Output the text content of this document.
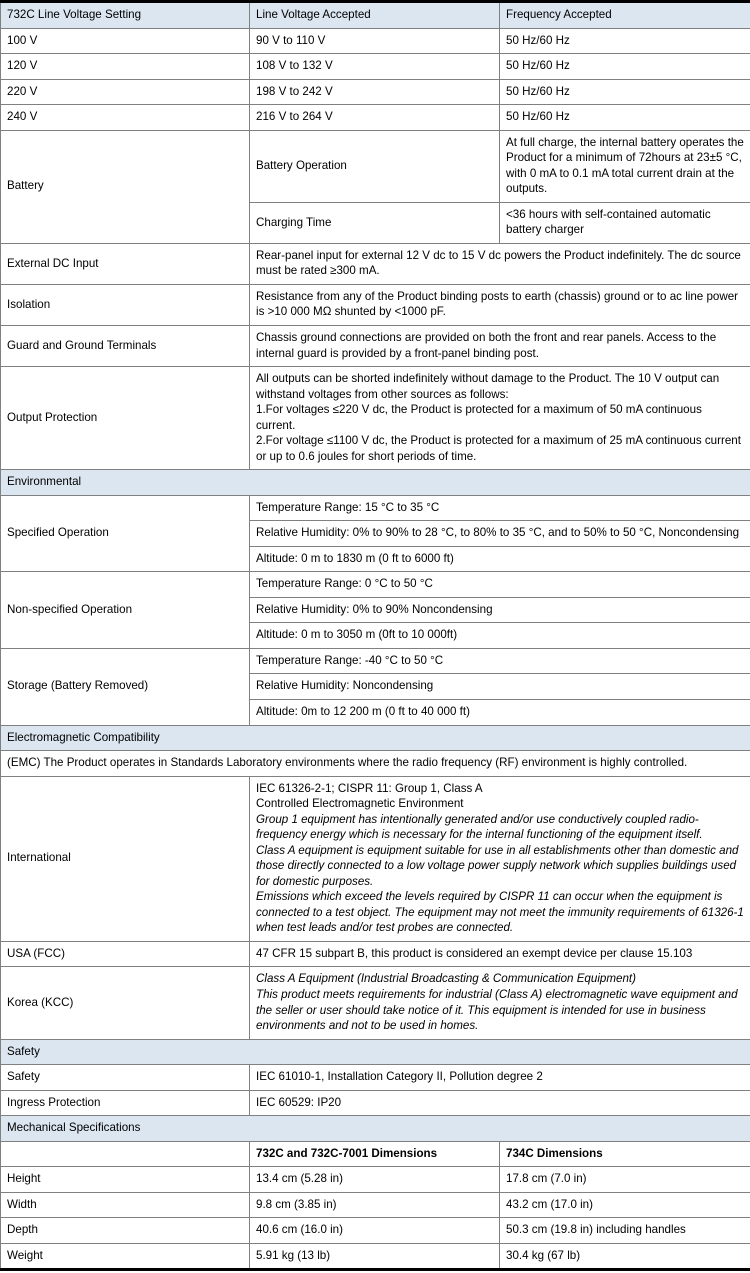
732C Line Voltage Setting	Line Voltage Accepted	Frequency Accepted
100 V	90 V to 110 V	50 Hz/60 Hz
120 V	108 V to 132 V	50 Hz/60 Hz
220 V	198 V to 242 V	50 Hz/60 Hz
240 V	216 V to 264 V	50 Hz/60 Hz
Battery	Battery Operation	At full charge, the internal battery operates the Product for a minimum of 72hours at 23±5 °C, with 0 mA to 0.1 mA total current drain at the outputs.
	Charging Time	<36 hours with self-contained automatic battery charger
External DC Input	Rear-panel input for external 12 V dc to 15 V dc powers the Product indefinitely. The dc source must be rated ≥300 mA.	
Isolation	Resistance from any of the Product binding posts to earth (chassis) ground or to ac line power is >10 000 MΩ shunted by <1000 pF.	
Guard and Ground Terminals	Chassis ground connections are provided on both the front and rear panels. Access to the internal guard is provided by a front-panel binding post.	
Output Protection	All outputs can be shorted indefinitely without damage to the Product. The 10 V output can withstand voltages from other sources as follows:
1.For voltages ≤220 V dc, the Product is protected for a maximum of 50 mA continuous current.
2.For voltage ≤1100 V dc, the Product is protected for a maximum of 25 mA continuous current or up to 0.6 joules for short periods of time.	

Environmental		
Specified Operation	Temperature Range: 15 °C to 35 °C	
	Relative Humidity: 0% to 90% to 28 °C, to 80% to 35 °C, and to 50% to 50 °C, Noncondensing	
	Altitude: 0 m to 1830 m (0 ft to 6000 ft)	
Non-specified Operation	Temperature Range: 0 °C to 50 °C	
	Relative Humidity: 0% to 90% Noncondensing	
	Altitude: 0 m to 3050 m (0ft to 10 000ft)	
Storage (Battery Removed)	Temperature Range: -40 °C to 50 °C	
	Relative Humidity: Noncondensing	
	Altitude: 0m to 12 200 m (0 ft to 40 000 ft)	
Electromagnetic Compatibility		
(EMC) The Product operates in Standards Laboratory environments where the radio frequency (RF) environment is highly controlled.		
International	IEC 61326-2-1; CISPR 11: Group 1, Class A
Controlled Electromagnetic Environment
Group 1 equipment has intentionally generated and/or use conductively coupled radio-frequency energy which is necessary for the internal functioning of the equipment itself.
Class A equipment is equipment suitable for use in all establishments other than domestic and those directly connected to a low voltage power supply network which supplies buildings used for domestic purposes.
Emissions which exceed the levels required by CISPR 11 can occur when the equipment is connected to a test object. The equipment may not meet the immunity requirements of 61326-1 when test leads and/or test probes are connected.	

USA (FCC)	47 CFR 15 subpart B, this product is considered an exempt device per clause 15.103	
Korea (KCC)	Class A Equipment (Industrial Broadcasting & Communication Equipment)
This product meets requirements for industrial (Class A) electromagnetic wave equipment and the seller or user should take notice of it. This equipment is intended for use in business environments and not to be used in homes.	

Safety		
Safety	IEC 61010-1, Installation Category II, Pollution degree 2	
Ingress Protection	IEC 60529: IP20	
Mechanical Specifications		
	732C and 732C-7001 Dimensions	734C Dimensions
Height	13.4 cm (5.28 in)	17.8 cm (7.0 in)
Width	9.8 cm (3.85 in)	43.2 cm (17.0 in)
Depth	40.6 cm (16.0 in)	50.3 cm (19.8 in) including handles
Weight	5.91 kg (13 lb)	30.4 kg (67 lb)
